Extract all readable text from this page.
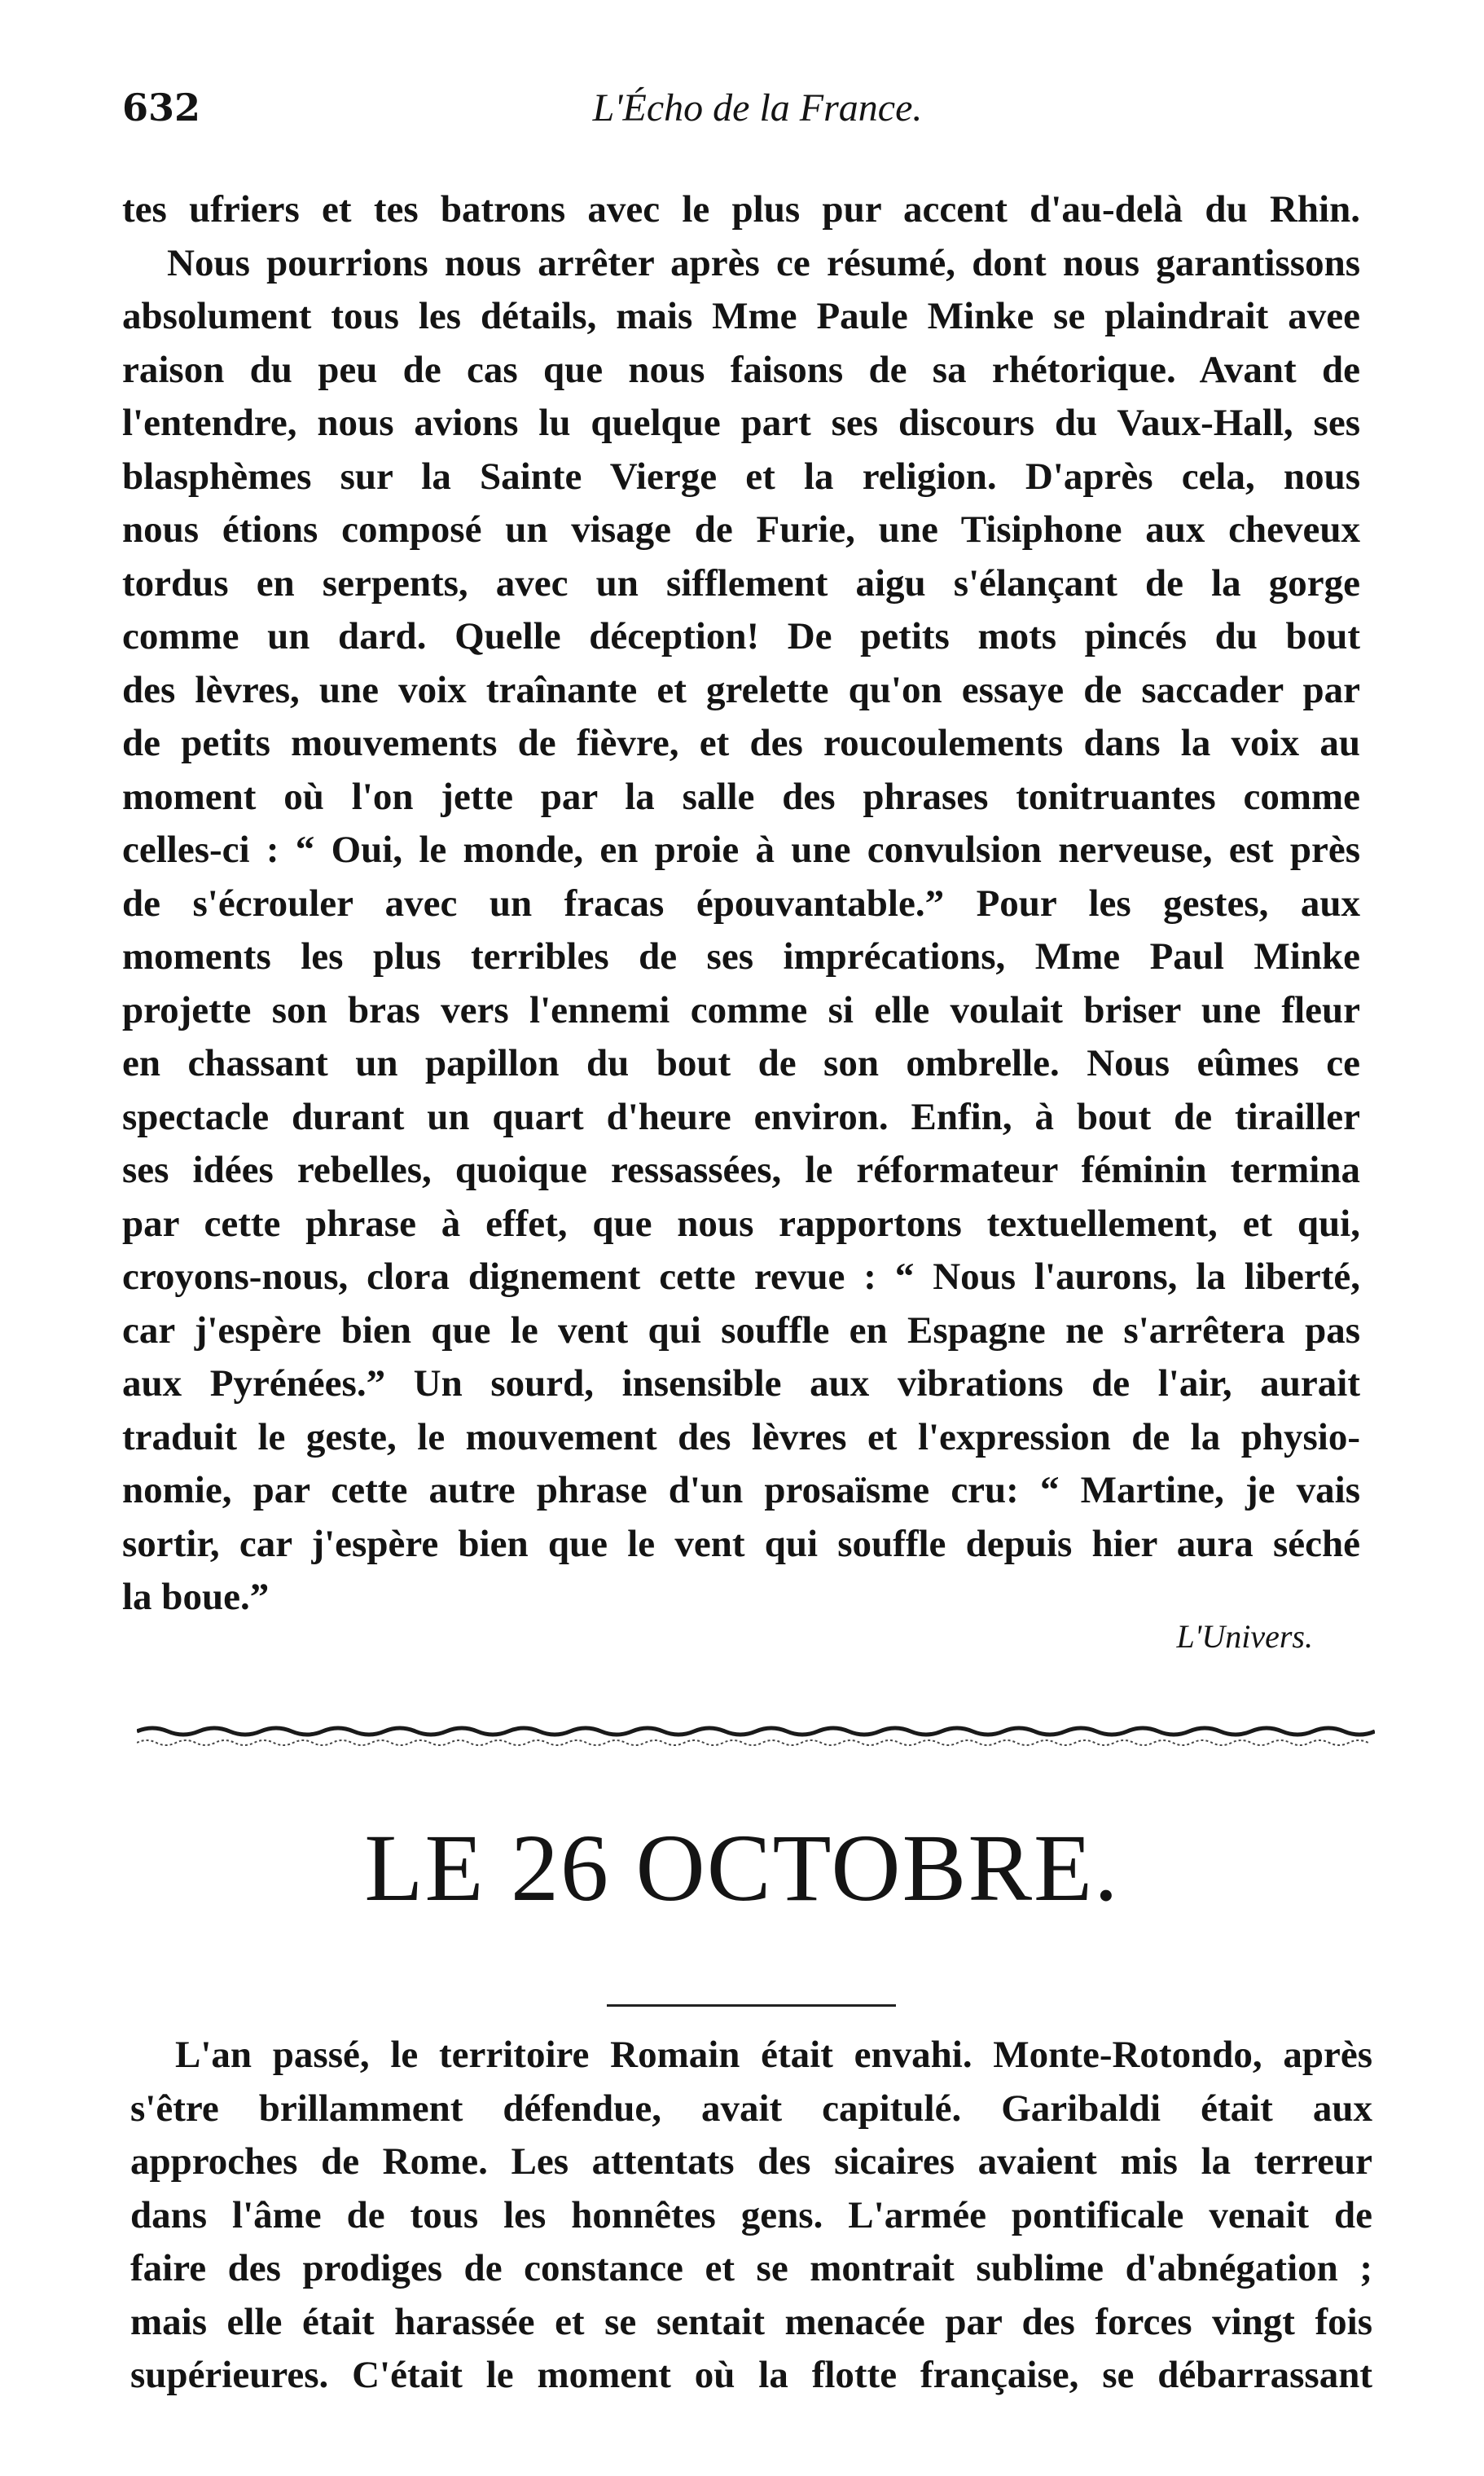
632	L'Écho de la France.
tes ufriers et tes batrons avec le plus pur accent d'au-delà du Rhin.
Nous pourrions nous arrêter après ce résumé, dont nous garantissons
absolument tous les détails, mais Mme Paule Minke se plaindrait avee
raison du peu de cas que nous faisons de sa rhétorique. Avant de
l'entendre, nous avions lu quelque part ses discours du Vaux-Hall, ses
blasphèmes sur la Sainte Vierge et la religion. D'après cela, nous
nous étions composé un visage de Furie, une Tisiphone aux cheveux
tordus en serpents, avec un sifflement aigu s'élançant de la gorge
comme un dard. Quelle déception! De petits mots pincés du bout
des lèvres, une voix traînante et grelette qu'on essaye de saccader par
de petits mouvements de fièvre, et des roucoulements dans la voix au
moment où l'on jette par la salle des phrases tonitruantes comme
celles-ci : “ Oui, le monde, en proie à une convulsion nerveuse, est près
de s'écrouler avec un fracas épouvantable.” Pour les gestes, aux
moments les plus terribles de ses imprécations, Mme Paul Minke
projette son bras vers l'ennemi comme si elle voulait briser une fleur
en chassant un papillon du bout de son ombrelle. Nous eûmes ce
spectacle durant un quart d'heure environ. Enfin, à bout de tirailler
ses idées rebelles, quoique ressassées, le réformateur féminin termina
par cette phrase à effet, que nous rapportons textuellement, et qui,
croyons-nous, clora dignement cette revue : “ Nous l'aurons, la liberté,
car j'espère bien que le vent qui souffle en Espagne ne s'arrêtera pas
aux Pyrénées.” Un sourd, insensible aux vibrations de l'air, aurait
traduit le geste, le mouvement des lèvres et l'expression de la physio-
nomie, par cette autre phrase d'un prosaïsme cru: “ Martine, je vais
sortir, car j'espère bien que le vent qui souffle depuis hier aura séché
la boue.”
L'Univers.
LE 26 OCTOBRE.
L'an passé, le territoire Romain était envahi. Monte-Rotondo, après
s'être brillamment défendue, avait capitulé. Garibaldi était aux
approches de Rome. Les attentats des sicaires avaient mis la terreur
dans l'âme de tous les honnêtes gens. L'armée pontificale venait de
faire des prodiges de constance et se montrait sublime d'abnégation ;
mais elle était harassée et se sentait menacée par des forces vingt fois
supérieures. C'était le moment où la flotte française, se débarrassant
